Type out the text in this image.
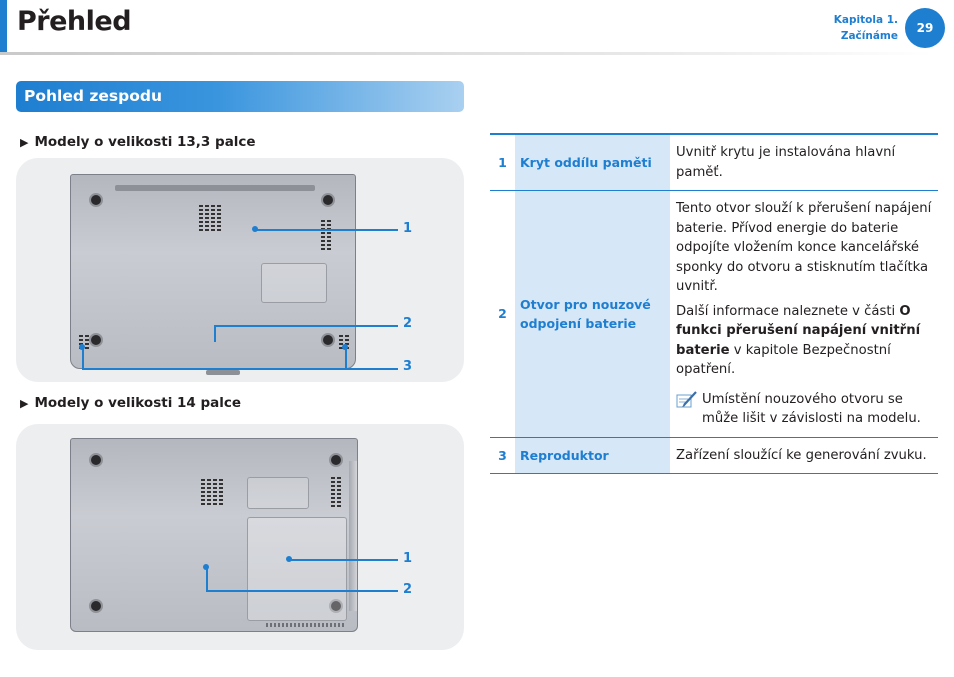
Přehled	Kapitola 1.
Začínáme
29
Pohled zespodu
▶ Modely o velikosti 13,3 palce
1
2
3
▶ Modely o velikosti 14 palce
1
2
1	Kryt oddílu paměti	Uvnitř krytu je instalována hlavní paměť.
2	Otvor pro nouzové odpojení baterie	Tento otvor slouží k přerušení napájení baterie. Přívod energie do baterie odpojíte vložením konce kancelářské sponky do otvoru a stisknutím tlačítka uvnitř.

Další informace naleznete v části O funkci přerušení napájení vnitřní baterie v kapitole Bezpečnostní opatření.

Umístění nouzového otvoru se může lišit v závislosti na modelu.

3	Reproduktor	Zařízení sloužící ke generování zvuku.
